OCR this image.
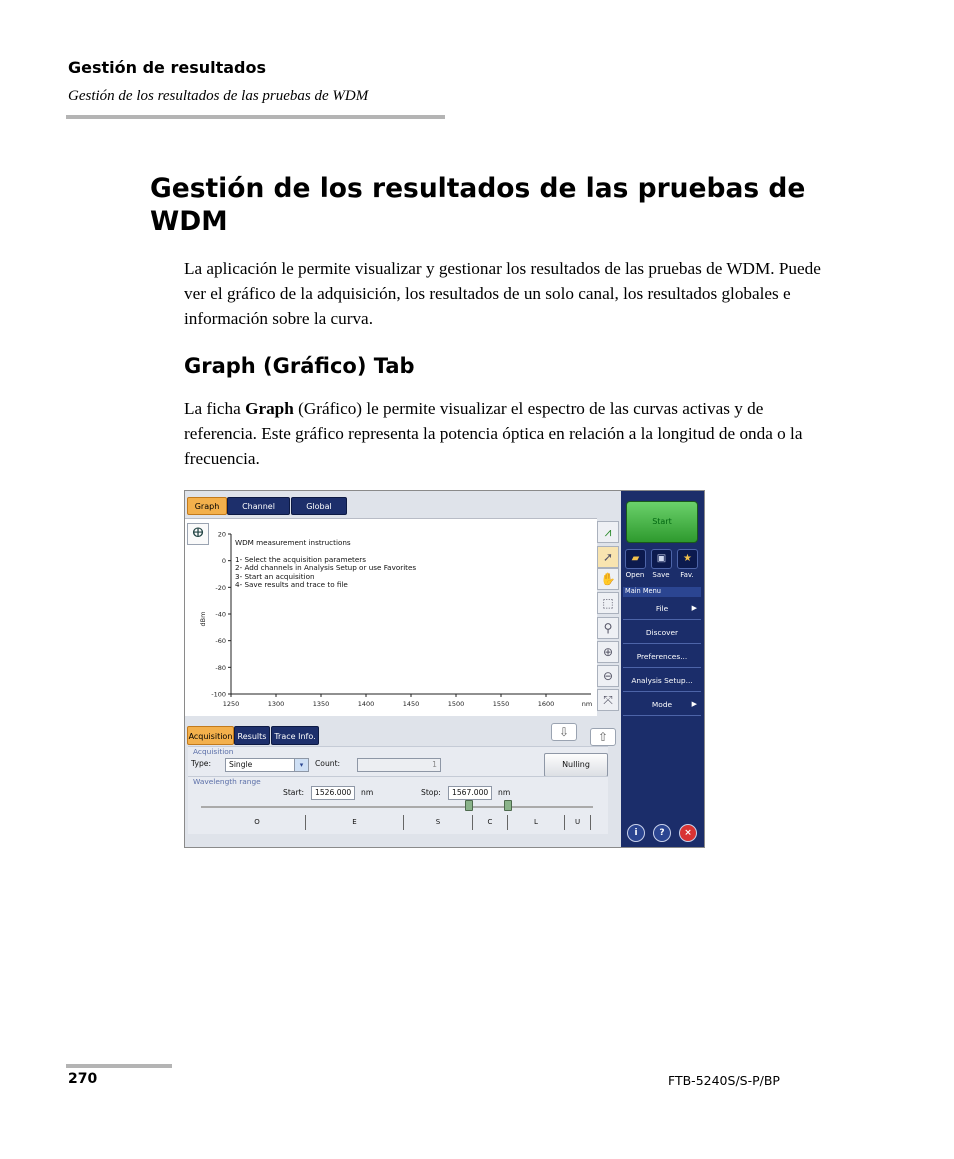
Gestión de resultados
Gestión de los resultados de las pruebas de WDM
Gestión de los resultados de las pruebas de WDM
La aplicación le permite visualizar y gestionar los resultados de las pruebas de WDM. Puede ver el gráfico de la adquisición, los resultados de un solo canal, los resultados globales e información sobre la curva.
Graph (Gráfico) Tab
La ficha Graph (Gráfico) le permite visualizar el espectro de las curvas activas y de referencia. Este gráfico representa la potencia óptica en relación a la longitud de onda o la frecuencia.
Graph	Channel	Global
ⴲ	20
0
-20
-40
-60
-80
-100
1250	1300	1350	1400	1450	1500	1550	1600	nm
dBm
WDM measurement instructions
1- Select the acquisition parameters
2- Add channels in Analysis Setup or use Favorites
3- Start an acquisition
4- Save results and trace to file
⩘
➚
✋
⬚
⚲
⊕
⊖
⤧
Acquisition Results Trace Info.	⇩	⇧
Acquisition
Type:	Single	▾	Count:	1	Nulling
Wavelength range
Start:	1526.000	nm	Stop:	1567.000	nm
O	E	S	C	L	U
Start
▰	▣	★
Open	Save	Fav.
Main Menu
File	▶
Discover
Preferences...
Analysis Setup...
Mode	▶
i	?	×
270	FTB-5240S/S-P/BP
